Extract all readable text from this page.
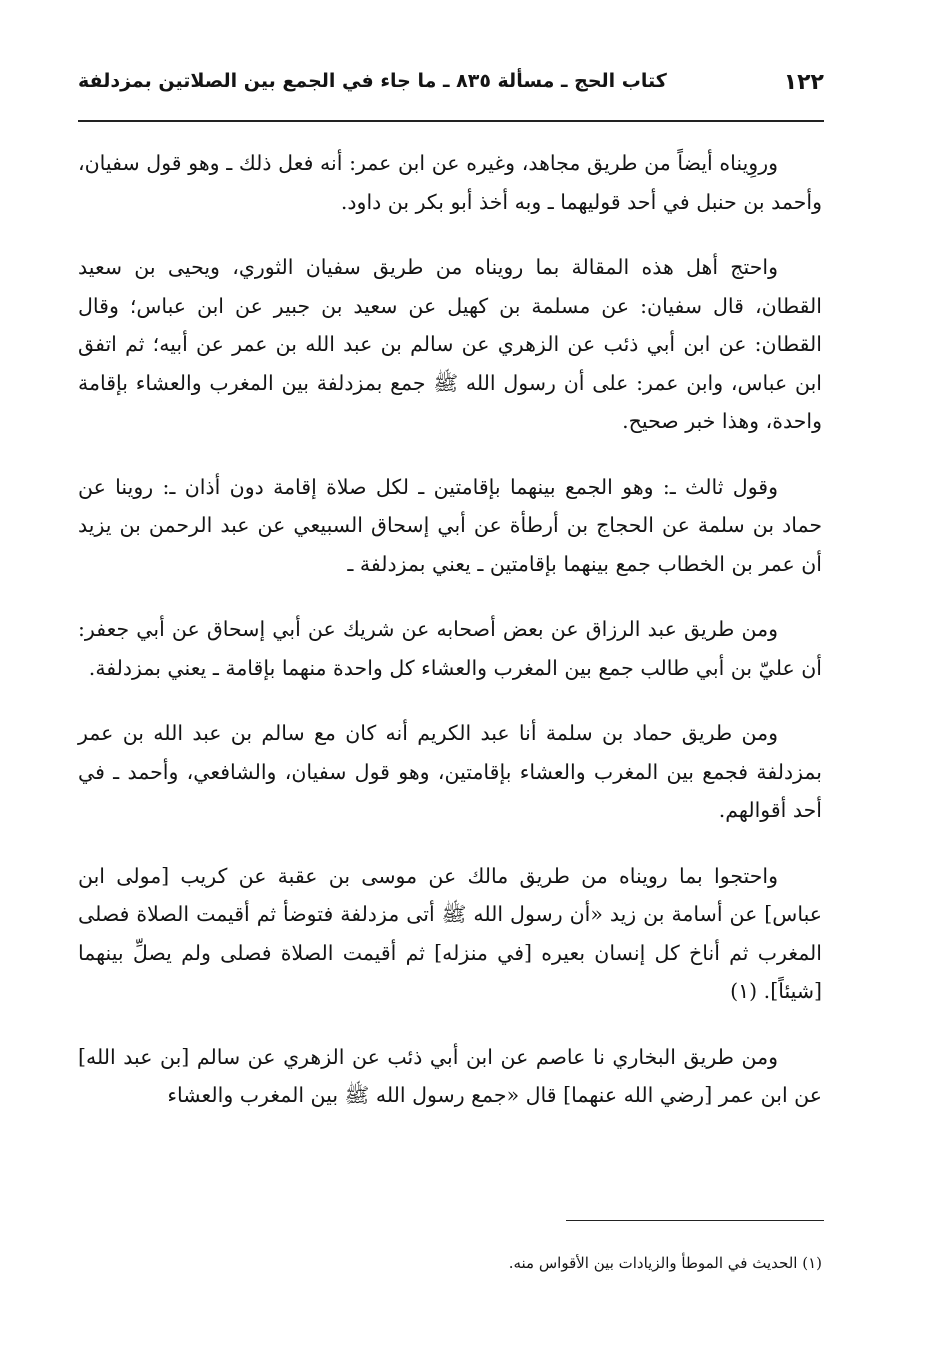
١٢٢
كتاب الحج ـ مسألة ٨٣٥ ـ ما جاء في الجمع بين الصلاتين بمزدلفة

وروِيناه أيضاً من طريق مجاهد، وغيره عن ابن عمر: أنه فعل ذلك ـ وهو قول سفيان، وأحمد بن حنبل في أحد قوليهما ـ وبه أخذ أبو بكر بن داود.

واحتج أهل هذه المقالة بما رويناه من طريق سفيان الثوري، ويحيى بن سعيد القطان، قال سفيان: عن مسلمة بن كهيل عن سعيد بن جبير عن ابن عباس؛ وقال القطان: عن ابن أبي ذئب عن الزهري عن سالم بن عبد الله بن عمر عن أبيه؛ ثم اتفق ابن عباس، وابن عمر: على أن رسول الله ﷺ جمع بمزدلفة بين المغرب والعشاء بإقامة واحدة، وهذا خبر صحيح.

وقول ثالث ـ: وهو الجمع بينهما بإقامتين ـ لكل صلاة إقامة دون أذان ـ: روينا عن حماد بن سلمة عن الحجاج بن أرطأة عن أبي إسحاق السبيعي عن عبد الرحمن بن يزيد أن عمر بن الخطاب جمع بينهما بإقامتين ـ يعني بمزدلفة ـ

ومن طريق عبد الرزاق عن بعض أصحابه عن شريك عن أبي إسحاق عن أبي جعفر: أن عليّ بن أبي طالب جمع بين المغرب والعشاء كل واحدة منهما بإقامة ـ يعني بمزدلفة.

ومن طريق حماد بن سلمة أنا عبد الكريم أنه كان مع سالم بن عبد الله بن عمر بمزدلفة فجمع بين المغرب والعشاء بإقامتين، وهو قول سفيان، والشافعي، وأحمد ـ في أحد أقوالهم.

واحتجوا بما رويناه من طريق مالك عن موسى بن عقبة عن كريب [مولى ابن عباس] عن أسامة بن زيد «أن رسول الله ﷺ أتى مزدلفة فتوضأ ثم أقيمت الصلاة فصلى المغرب ثم أناخ كل إنسان بعيره [في منزله] ثم أقيمت الصلاة فصلى ولم يصلِّ بينهما [شيئاً]. (١)

ومن طريق البخاري نا عاصم عن ابن أبي ذئب عن الزهري عن سالم [بن عبد الله] عن ابن عمر [رضي الله عنهما] قال «جمع رسول الله ﷺ بين المغرب والعشاء

(١) الحديث في الموطأ والزيادات بين الأقواس منه.
